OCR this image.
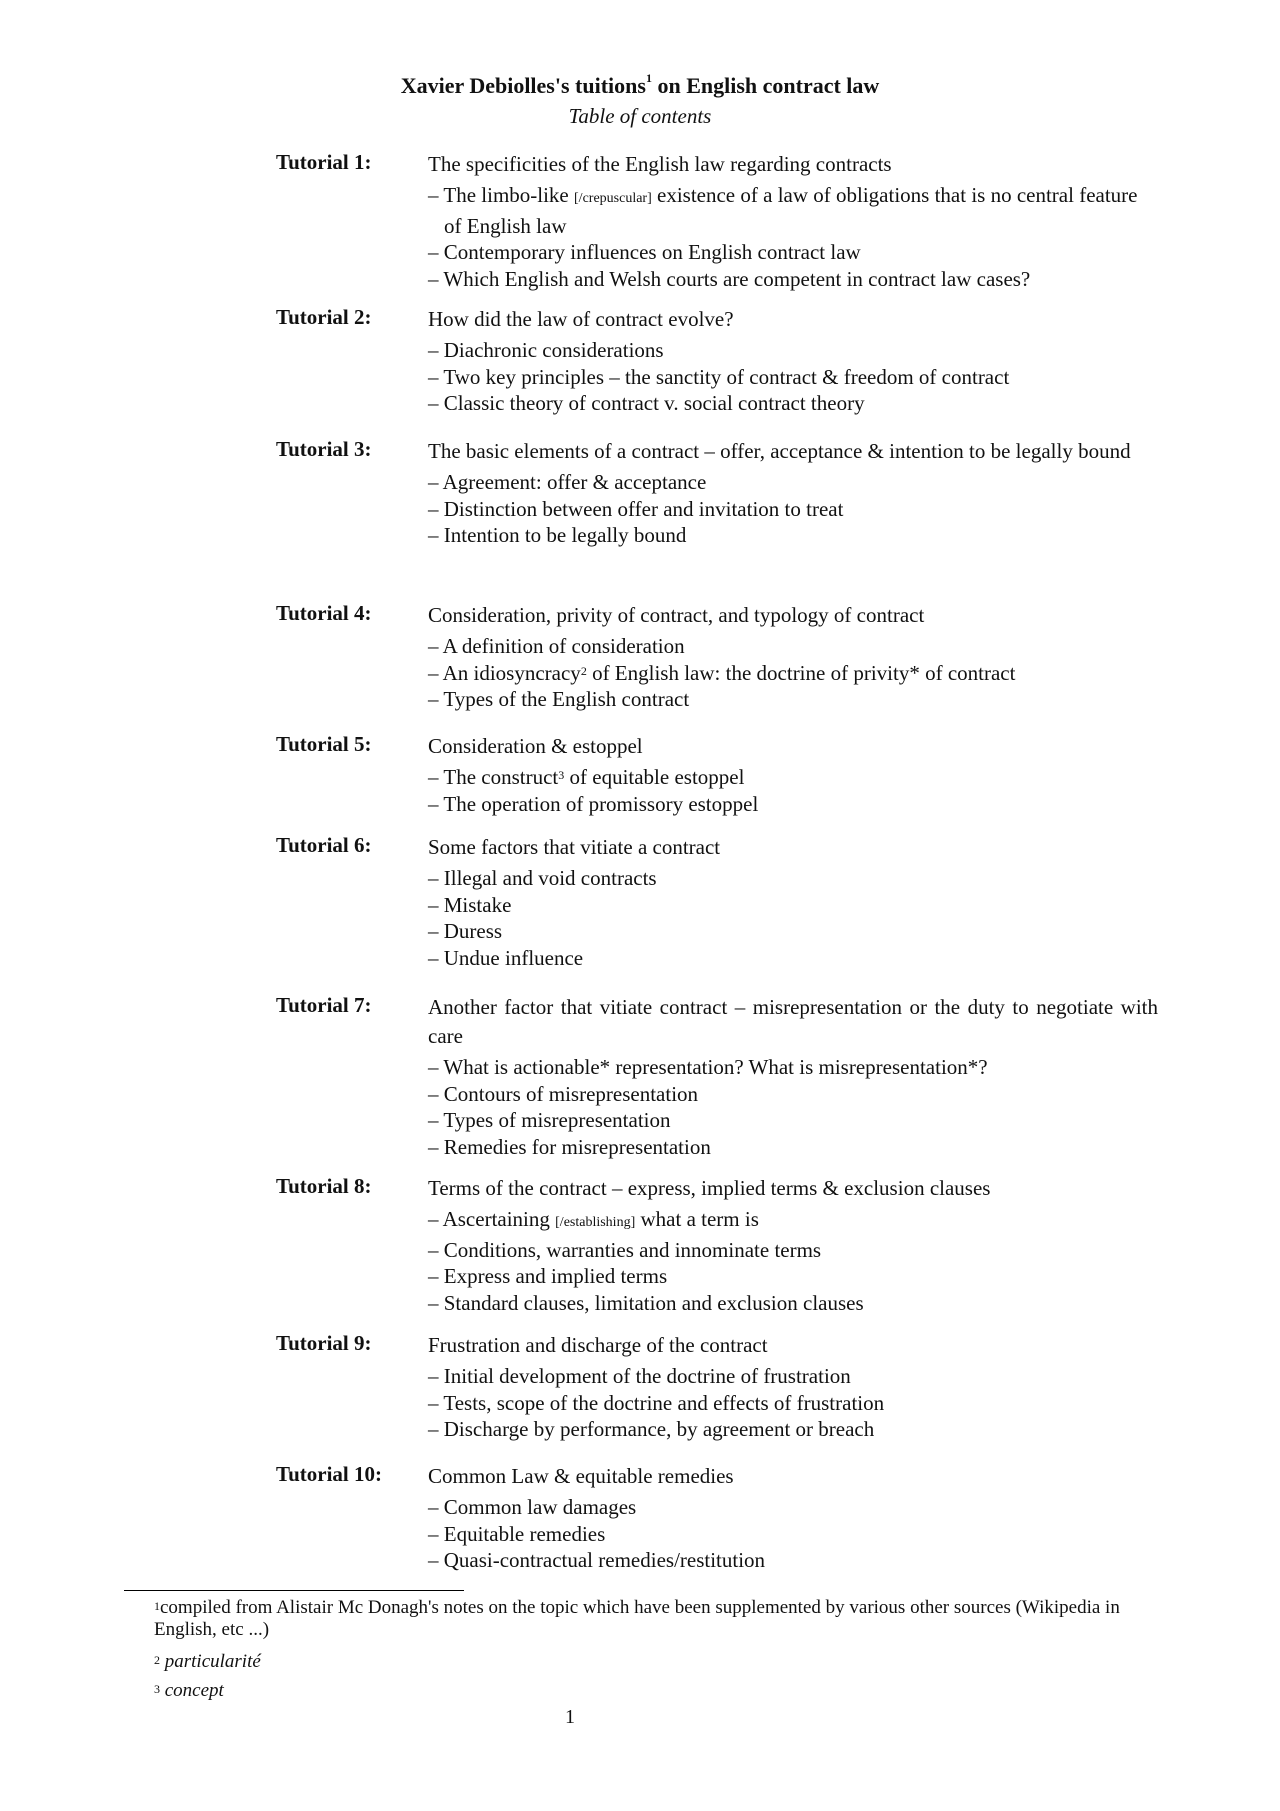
Xavier Debiolles's tuitions$^1$ on English contract law
Table of contents
Tutorial 1:	The specificities of the English law regarding contracts
– The limbo-like [/crepuscular] existence of a law of obligations that is no central feature of English law
– Contemporary influences on English contract law
– Which English and Welsh courts are competent in contract law cases?
Tutorial 2:	How did the law of contract evolve?
– Diachronic considerations
– Two key principles – the sanctity of contract & freedom of contract
– Classic theory of contract v. social contract theory
Tutorial 3:	The basic elements of a contract – offer, acceptance & intention to be legally bound
– Agreement: offer & acceptance
– Distinction between offer and invitation to treat
– Intention to be legally bound
Tutorial 4:	Consideration, privity of contract, and typology of contract
– A definition of consideration
– An idiosyncracy$^2$ of English law: the doctrine of privity* of contract
– Types of the English contract
Tutorial 5:	Consideration & estoppel
– The construct$^3$ of equitable estoppel
– The operation of promissory estoppel
Tutorial 6:	Some factors that vitiate a contract
– Illegal and void contracts
– Mistake
– Duress
– Undue influence
Tutorial 7:	Another factor that vitiate contract – misrepresentation or the duty to negotiate with care
– What is actionable* representation? What is misrepresentation*?
– Contours of misrepresentation
– Types of misrepresentation
– Remedies for misrepresentation
Tutorial 8:	Terms of the contract – express, implied terms & exclusion clauses
– Ascertaining [/establishing] what a term is
– Conditions, warranties and innominate terms
– Express and implied terms
– Standard clauses, limitation and exclusion clauses
Tutorial 9:	Frustration and discharge of the contract
– Initial development of the doctrine of frustration
– Tests, scope of the doctrine and effects of frustration
– Discharge by performance, by agreement or breach
Tutorial 10: Common Law & equitable remedies
– Common law damages
– Equitable remedies
– Quasi-contractual remedies/restitution
$^1$compiled from Alistair Mc Donagh's notes on the topic which have been supplemented by various other sources (Wikipedia in English, etc ...)
$^2$ particularité
$^3$ concept
1
